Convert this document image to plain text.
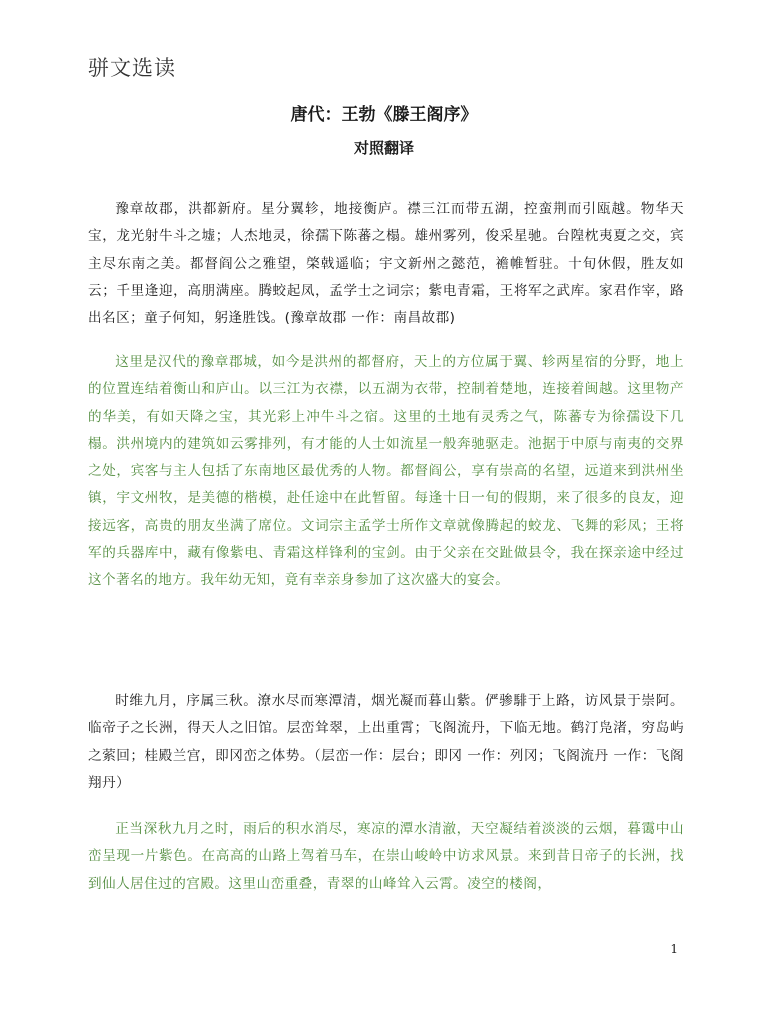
骈文选读
唐代：王勃《滕王阁序》
对照翻译

豫章故郡，洪都新府。星分翼轸，地接衡庐。襟三江而带五湖，控蛮荆而引瓯越。物华天宝，龙光射牛斗之墟；人杰地灵，徐孺下陈蕃之榻。雄州雾列，俊采星驰。台隍枕夷夏之交，宾主尽东南之美。都督阎公之雅望，棨戟遥临；宇文新州之懿范，襜帷暂驻。十旬休假，胜友如云；千里逢迎，高朋满座。腾蛟起凤，孟学士之词宗；紫电青霜，王将军之武库。家君作宰，路出名区；童子何知，躬逢胜饯。(豫章故郡 一作：南昌故郡)

这里是汉代的豫章郡城，如今是洪州的都督府，天上的方位属于翼、轸两星宿的分野，地上的位置连结着衡山和庐山。以三江为衣襟，以五湖为衣带，控制着楚地，连接着闽越。这里物产的华美，有如天降之宝，其光彩上冲牛斗之宿。这里的土地有灵秀之气，陈蕃专为徐孺设下几榻。洪州境内的建筑如云雾排列，有才能的人士如流星一般奔驰驱走。池据于中原与南夷的交界之处，宾客与主人包括了东南地区最优秀的人物。都督阎公，享有崇高的名望，远道来到洪州坐镇，宇文州牧，是美德的楷模，赴任途中在此暂留。每逢十日一旬的假期，来了很多的良友，迎接远客，高贵的朋友坐满了席位。文词宗主孟学士所作文章就像腾起的蛟龙、飞舞的彩凤；王将军的兵器库中，藏有像紫电、青霜这样锋利的宝剑。由于父亲在交趾做县令，我在探亲途中经过这个著名的地方。我年幼无知，竟有幸亲身参加了这次盛大的宴会。

时维九月，序属三秋。潦水尽而寒潭清，烟光凝而暮山紫。俨骖騑于上路，访风景于崇阿。临帝子之长洲，得天人之旧馆。层峦耸翠，上出重霄；飞阁流丹，下临无地。鹤汀凫渚，穷岛屿之萦回；桂殿兰宫，即冈峦之体势。（层峦一作：层台；即冈 一作：列冈；飞阁流丹 一作：飞阁翔丹）

正当深秋九月之时，雨后的积水消尽，寒凉的潭水清澈，天空凝结着淡淡的云烟，暮霭中山峦呈现一片紫色。在高高的山路上驾着马车，在崇山峻岭中访求风景。来到昔日帝子的长洲，找到仙人居住过的宫殿。这里山峦重叠，青翠的山峰耸入云霄。凌空的楼阁，

1
